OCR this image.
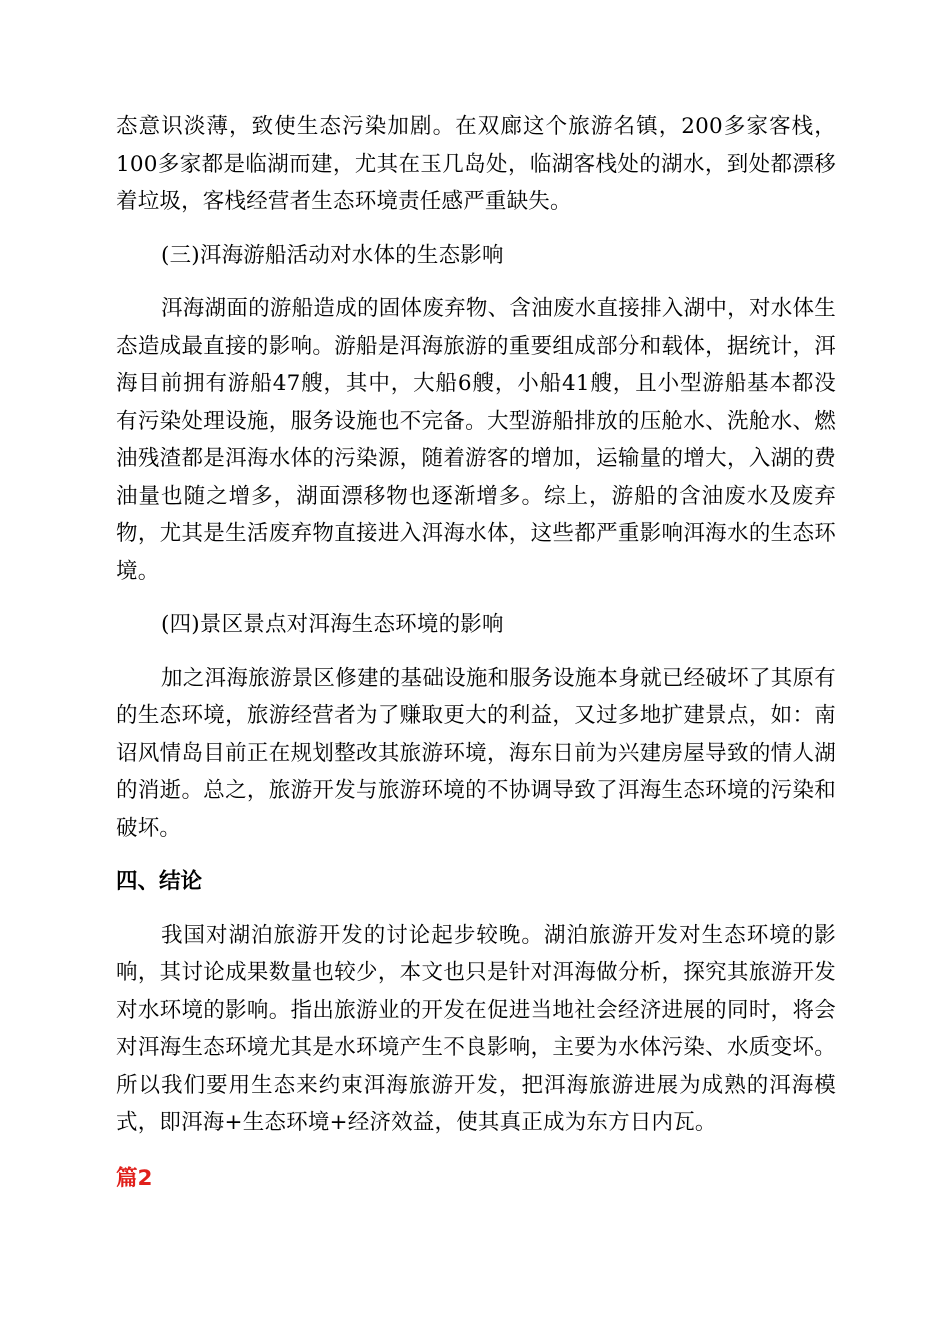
态意识淡薄，致使生态污染加剧。在双廊这个旅游名镇，200多家客栈，100多家都是临湖而建，尤其在玉几岛处，临湖客栈处的湖水，到处都漂移着垃圾，客栈经营者生态环境责任感严重缺失。

(三)洱海游船活动对水体的生态影响

洱海湖面的游船造成的固体废弃物、含油废水直接排入湖中，对水体生态造成最直接的影响。游船是洱海旅游的重要组成部分和载体，据统计，洱海目前拥有游船47艘，其中，大船6艘，小船41艘，且小型游船基本都没有污染处理设施，服务设施也不完备。大型游船排放的压舱水、洗舱水、燃油残渣都是洱海水体的污染源，随着游客的增加，运输量的增大，入湖的费油量也随之增多，湖面漂移物也逐渐增多。综上，游船的含油废水及废弃物，尤其是生活废弃物直接进入洱海水体，这些都严重影响洱海水的生态环境。

(四)景区景点对洱海生态环境的影响

加之洱海旅游景区修建的基础设施和服务设施本身就已经破坏了其原有的生态环境，旅游经营者为了赚取更大的利益，又过多地扩建景点，如：南诏风情岛目前正在规划整改其旅游环境，海东日前为兴建房屋导致的情人湖的消逝。总之，旅游开发与旅游环境的不协调导致了洱海生态环境的污染和破坏。

四、结论

我国对湖泊旅游开发的讨论起步较晚。湖泊旅游开发对生态环境的影响，其讨论成果数量也较少，本文也只是针对洱海做分析，探究其旅游开发对水环境的影响。指出旅游业的开发在促进当地社会经济进展的同时，将会对洱海生态环境尤其是水环境产生不良影响，主要为水体污染、水质变坏。所以我们要用生态来约束洱海旅游开发，把洱海旅游进展为成熟的洱海模式，即洱海+生态环境+经济效益，使其真正成为东方日内瓦。

篇2
